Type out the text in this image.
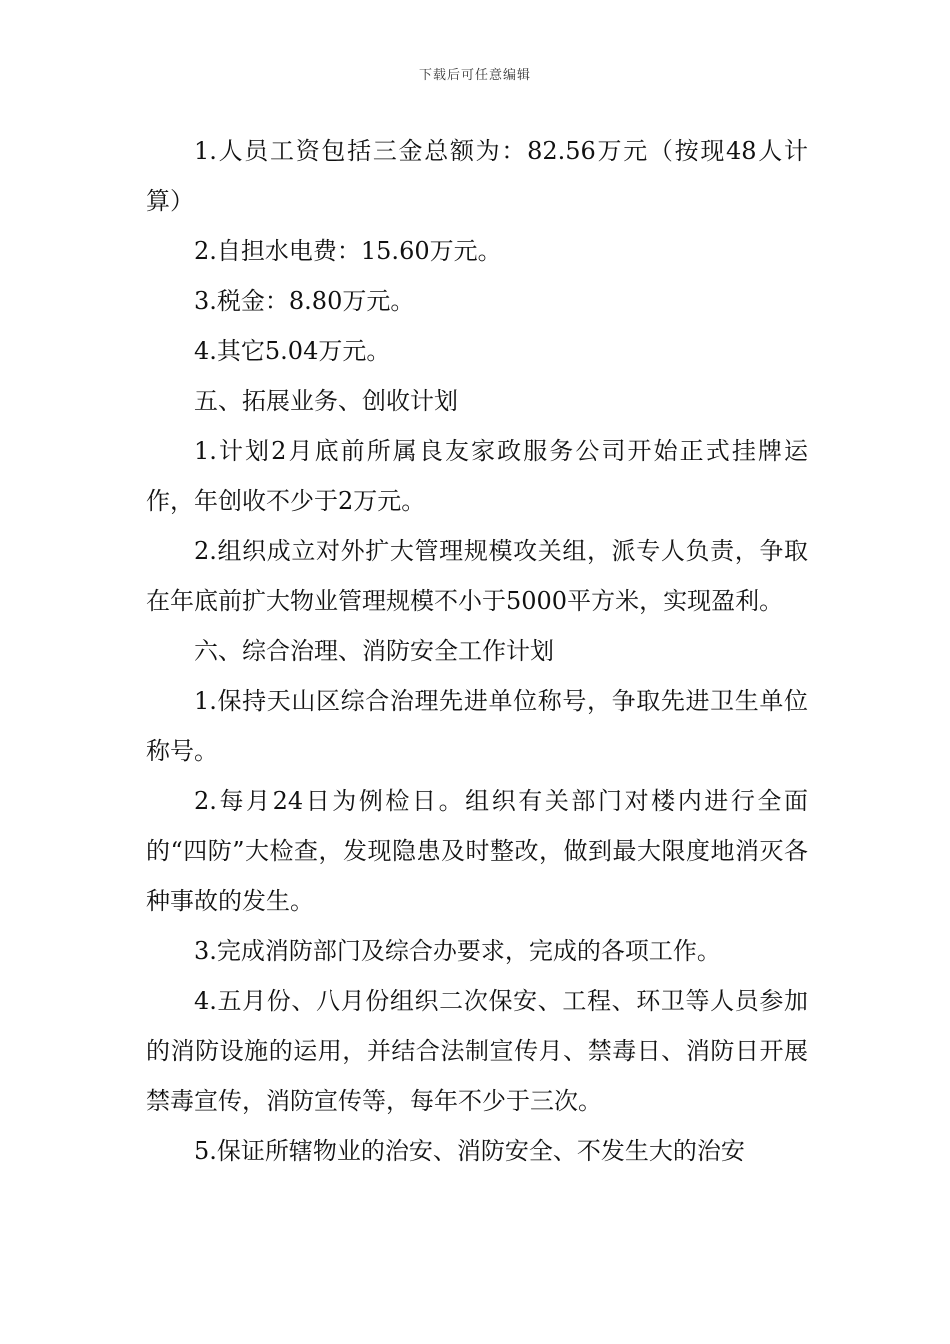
下载后可任意编辑

1.人员工资包括三金总额为：82.56万元（按现48人计算）

2.自担水电费：15.60万元。

3.税金：8.80万元。

4.其它5.04万元。

五、拓展业务、创收计划

1.计划2月底前所属良友家政服务公司开始正式挂牌运作，年创收不少于2万元。

2.组织成立对外扩大管理规模攻关组，派专人负责，争取在年底前扩大物业管理规模不小于5000平方米，实现盈利。

六、综合治理、消防安全工作计划

1.保持天山区综合治理先进单位称号，争取先进卫生单位称号。

2.每月24日为例检日。组织有关部门对楼内进行全面的“四防”大检查，发现隐患及时整改，做到最大限度地消灭各种事故的发生。

3.完成消防部门及综合办要求，完成的各项工作。

4.五月份、八月份组织二次保安、工程、环卫等人员参加的消防设施的运用，并结合法制宣传月、禁毒日、消防日开展禁毒宣传，消防宣传等，每年不少于三次。

5.保证所辖物业的治安、消防安全、不发生大的治安
